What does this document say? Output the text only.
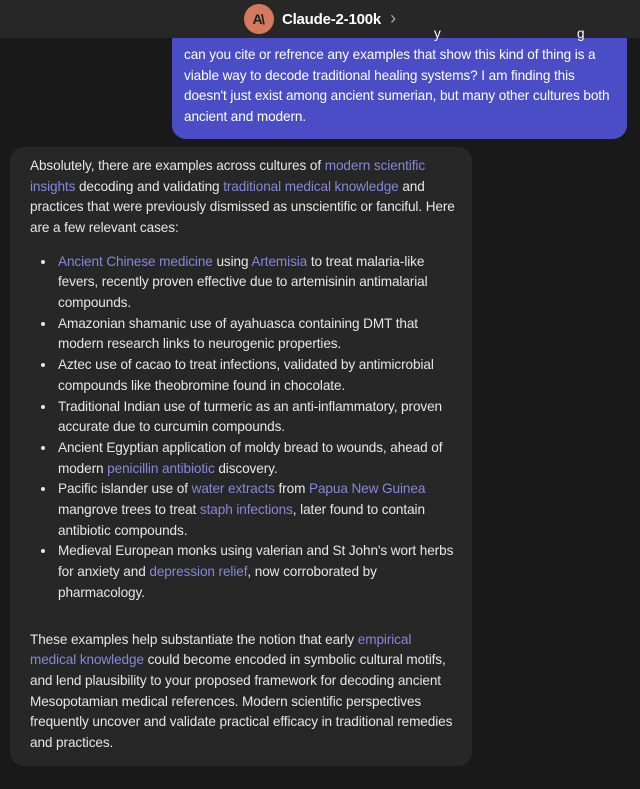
A\ Claude-2-100k ›
y	g

can you cite or refrence any examples that show this kind of thing is a viable way to decode traditional healing systems? I am finding this doesn't just exist among ancient sumerian, but many other cultures both ancient and modern.

Absolutely, there are examples across cultures of modern scientific insights decoding and validating traditional medical knowledge and practices that were previously dismissed as unscientific or fanciful. Here are a few relevant cases:

• Ancient Chinese medicine using Artemisia to treat malaria-like fevers, recently proven effective due to artemisinin antimalarial compounds.
• Amazonian shamanic use of ayahuasca containing DMT that modern research links to neurogenic properties.
• Aztec use of cacao to treat infections, validated by antimicrobial compounds like theobromine found in chocolate.
• Traditional Indian use of turmeric as an anti-inflammatory, proven accurate due to curcumin compounds.
• Ancient Egyptian application of moldy bread to wounds, ahead of modern penicillin antibiotic discovery.
• Pacific islander use of water extracts from Papua New Guinea mangrove trees to treat staph infections, later found to contain antibiotic compounds.
• Medieval European monks using valerian and St John's wort herbs for anxiety and depression relief, now corroborated by pharmacology.

These examples help substantiate the notion that early empirical medical knowledge could become encoded in symbolic cultural motifs, and lend plausibility to your proposed framework for decoding ancient Mesopotamian medical references. Modern scientific perspectives frequently uncover and validate practical efficacy in traditional remedies and practices.
